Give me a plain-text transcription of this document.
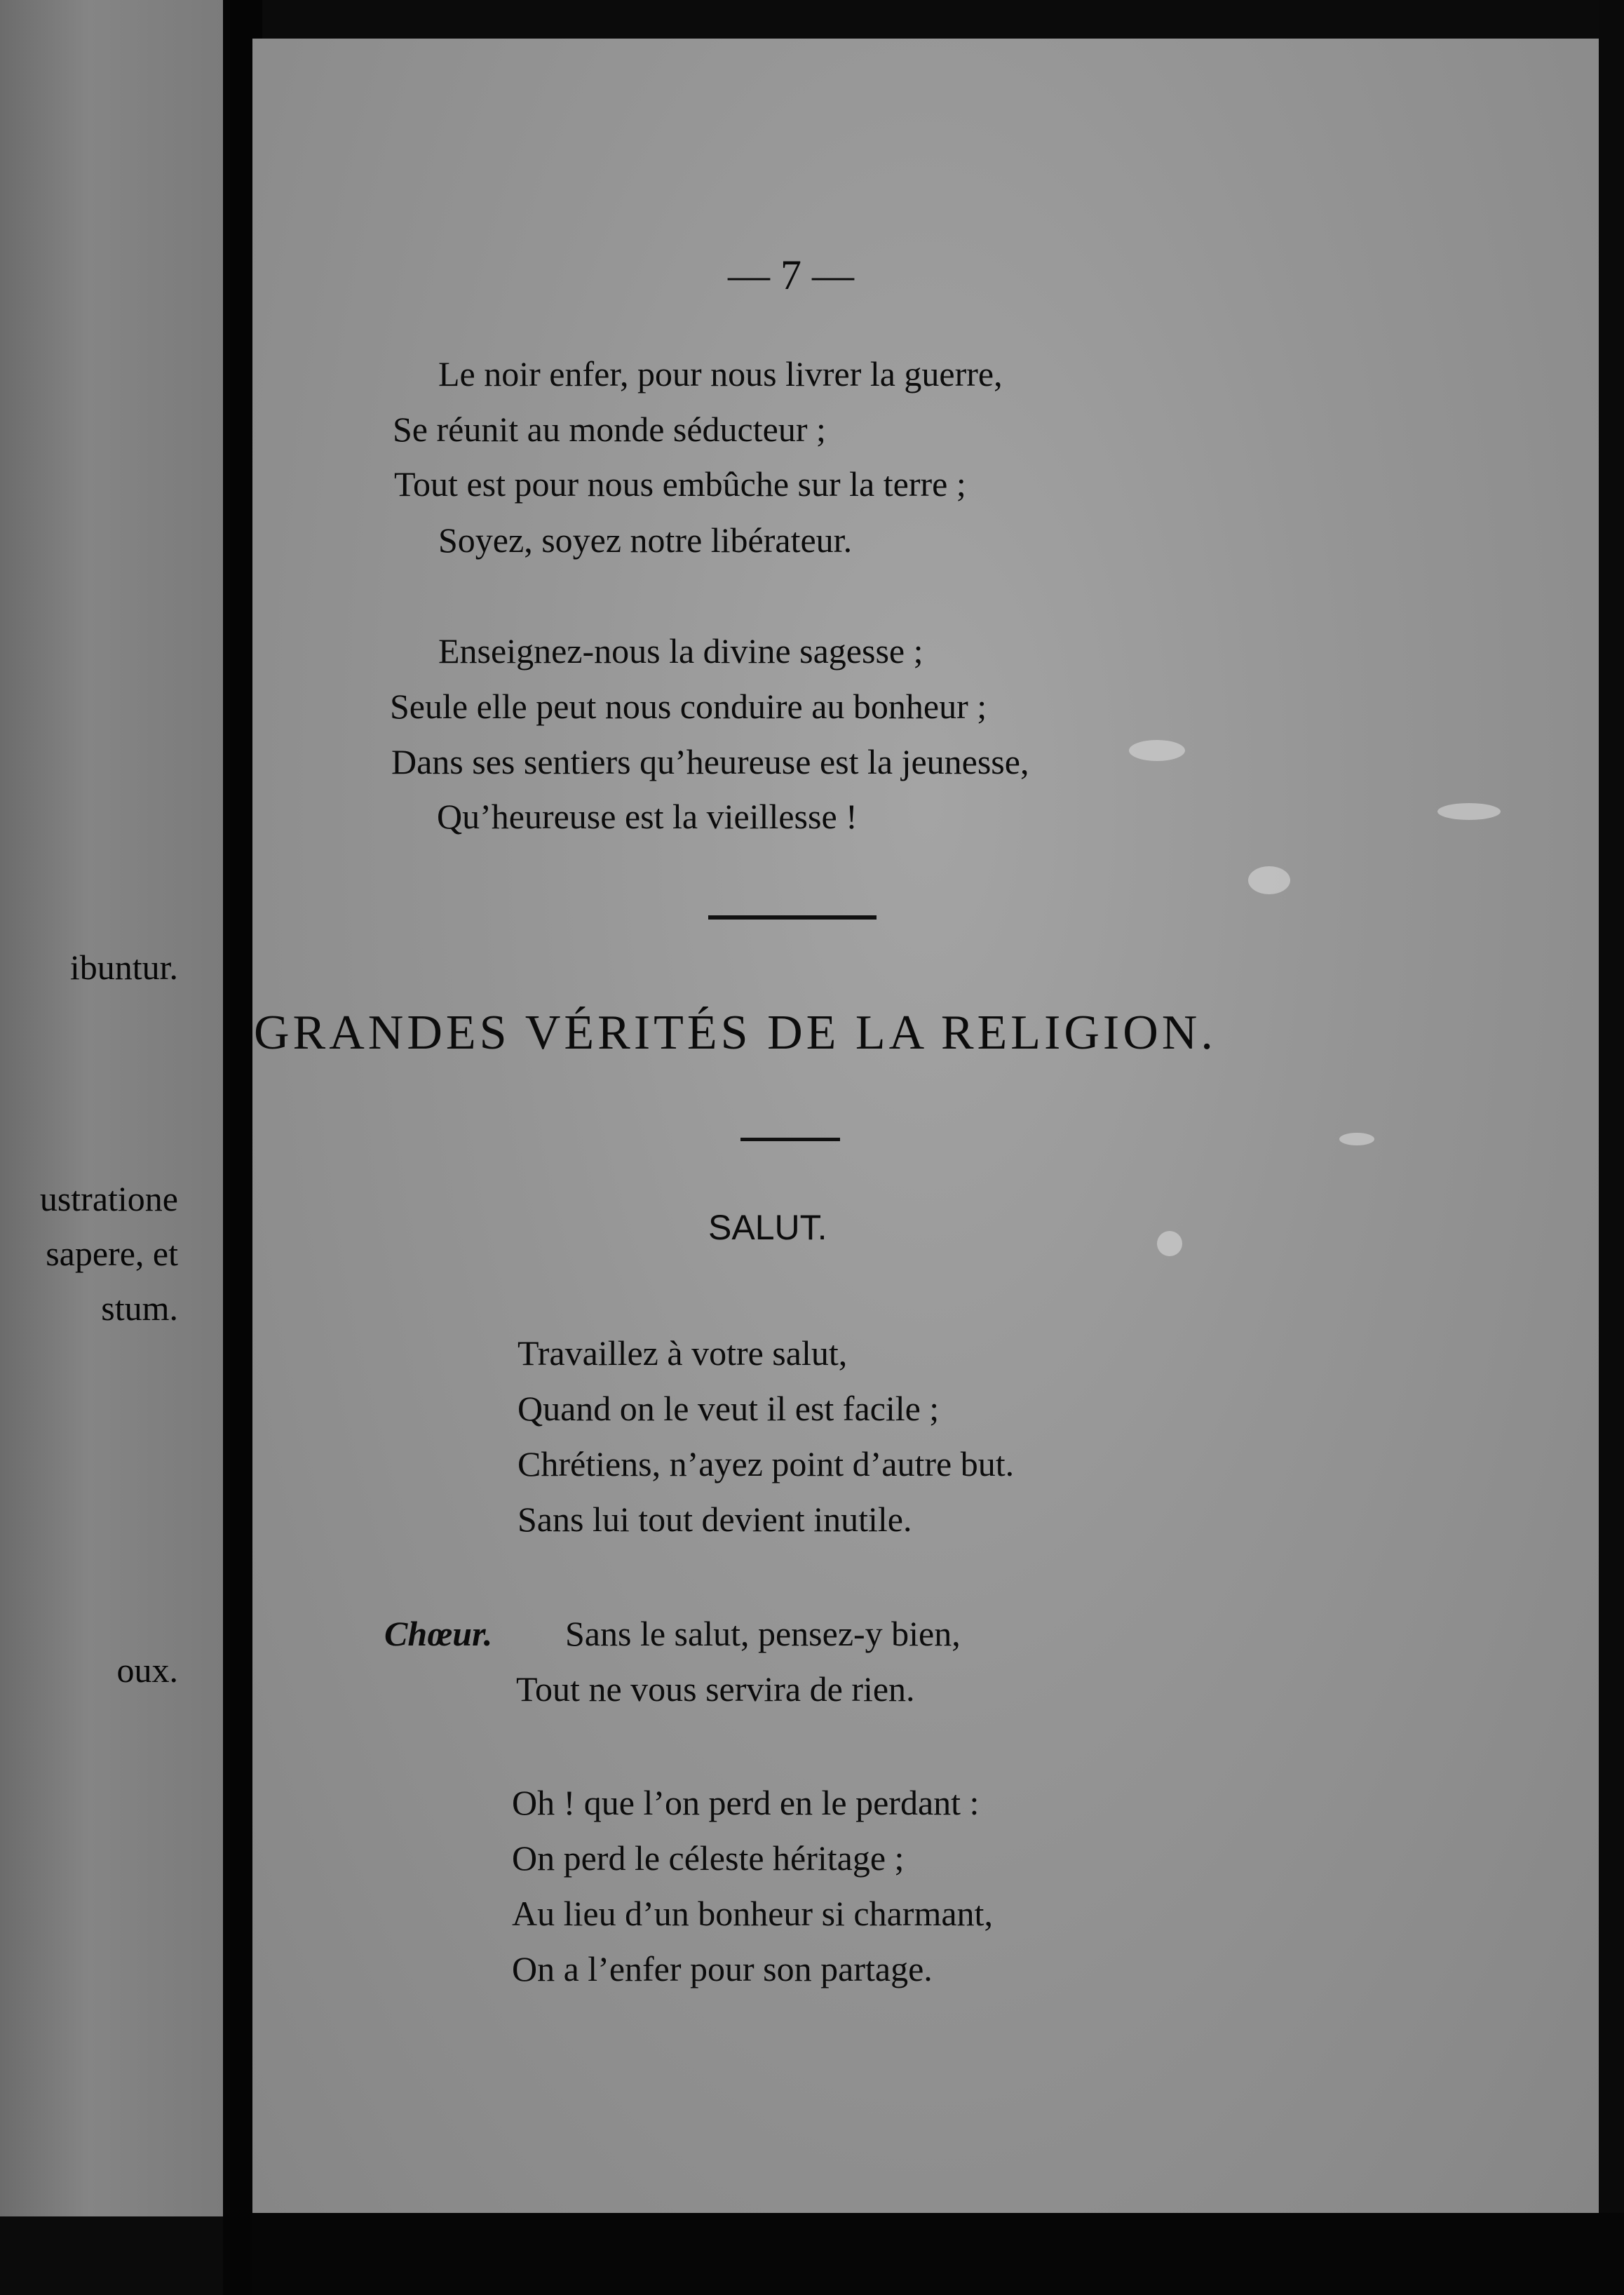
ibuntur.
ustratione
sapere, et
stum.
oux.
— 7 —
Le noir enfer, pour nous livrer la guerre,
Se réunit au monde séducteur ;
Tout est pour nous embûche sur la terre ;
Soyez, soyez notre libérateur.
Enseignez-nous la divine sagesse ;
Seule elle peut nous conduire au bonheur ;
Dans ses sentiers qu’heureuse est la jeunesse,
Qu’heureuse est la vieillesse !
GRANDES VÉRITÉS DE LA RELIGION.
SALUT.
Travaillez à votre salut,
Quand on le veut il est facile ;
Chrétiens, n’ayez point d’autre but.
Sans lui tout devient inutile.
Chœur. Sans le salut, pensez-y bien,
Tout ne vous servira de rien.
Oh ! que l’on perd en le perdant :
On perd le céleste héritage ;
Au lieu d’un bonheur si charmant,
On a l’enfer pour son partage.
